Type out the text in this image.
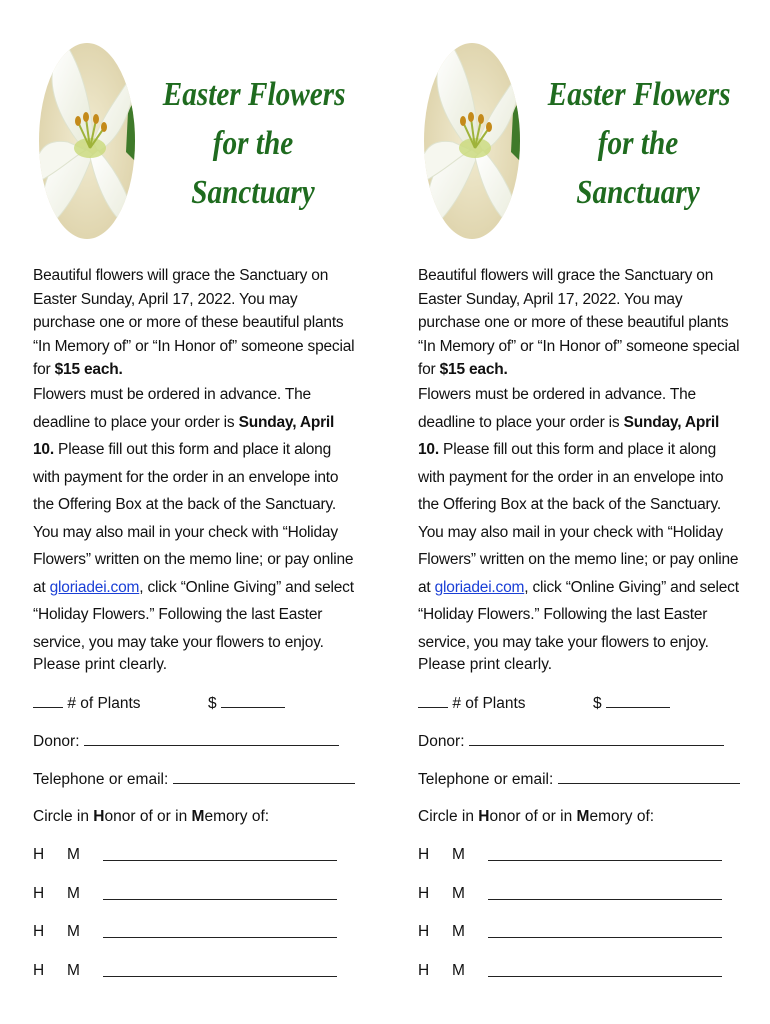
Easter Flowers
for the
Sanctuary
Beautiful flowers will grace the Sanctuary on Easter Sunday, April 17, 2022. You may purchase one or more of these beautiful plants “In Memory of” or “In Honor of” someone special for $15 each.
Flowers must be ordered in advance. The deadline to place your order is Sunday, April 10. Please fill out this form and place it along with payment for the order in an envelope into the Offering Box at the back of the Sanctuary. You may also mail in your check with “Holiday Flowers” written on the memo line; or pay online at gloriadei.com, click “Online Giving” and select “Holiday Flowers.” Following the last Easter service, you may take your flowers to enjoy.
Please print clearly.
# of Plants	$
Donor:
Telephone or email:
Circle in Honor of or in Memory of:
H M
H M
H M
H M
Easter Flowers
for the
Sanctuary
Beautiful flowers will grace the Sanctuary on Easter Sunday, April 17, 2022. You may purchase one or more of these beautiful plants “In Memory of” or “In Honor of” someone special for $15 each.
Flowers must be ordered in advance. The deadline to place your order is Sunday, April 10. Please fill out this form and place it along with payment for the order in an envelope into the Offering Box at the back of the Sanctuary. You may also mail in your check with “Holiday Flowers” written on the memo line; or pay online at gloriadei.com, click “Online Giving” and select “Holiday Flowers.” Following the last Easter service, you may take your flowers to enjoy.
Please print clearly.
# of Plants	$
Donor:
Telephone or email:
Circle in Honor of or in Memory of:
H M
H M
H M
H M
